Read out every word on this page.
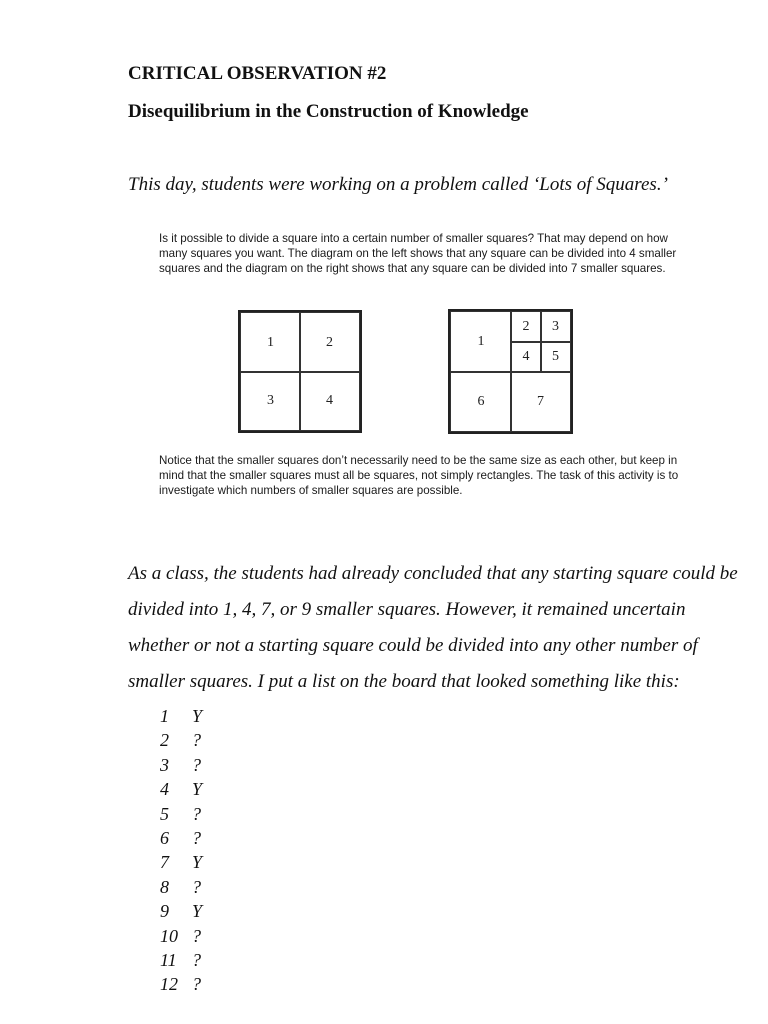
CRITICAL OBSERVATION #2
Disequilibrium in the Construction of Knowledge
This day, students were working on a problem called ‘Lots of Squares.’
Is it possible to divide a square into a certain number of smaller squares? That may depend on how many squares you want. The diagram on the left shows that any square can be divided into 4 smaller squares and the diagram on the right shows that any square can be divided into 7 smaller squares.
1	2
3	4
1
2	3
4	5
6	7
Notice that the smaller squares don’t necessarily need to be the same size as each other, but keep in mind that the smaller squares must all be squares, not simply rectangles. The task of this activity is to investigate which numbers of smaller squares are possible.
As a class, the students had already concluded that any starting square could be
divided into 1, 4, 7, or 9 smaller squares. However, it remained uncertain
whether or not a starting square could be divided into any other number of
smaller squares. I put a list on the board that looked something like this:
1 Y
2 ?
3 ?
4 Y
5 ?
6 ?
7 Y
8 ?
9 Y
10 ?
11 ?
12 ?
